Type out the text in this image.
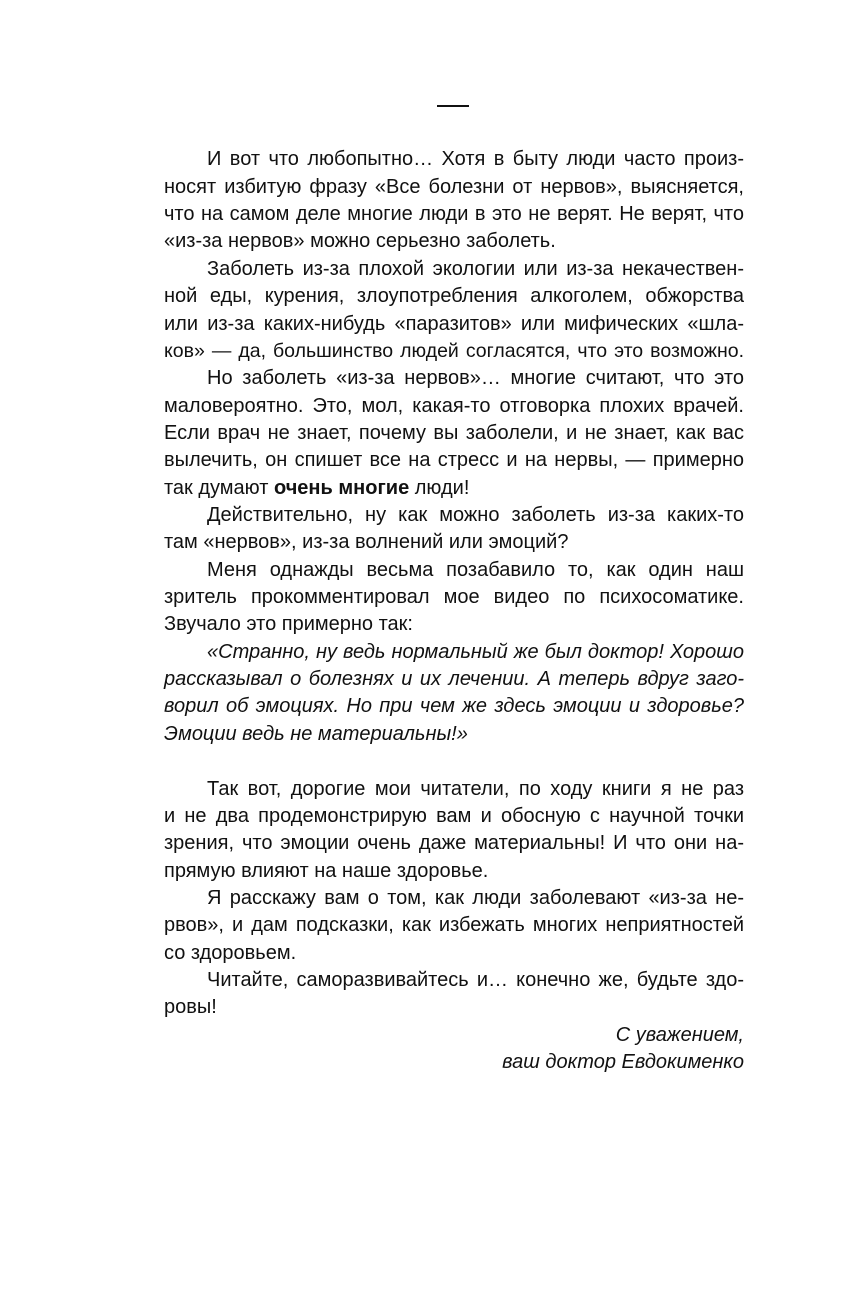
И вот что любопытно… Хотя в быту люди часто произ-
носят избитую фразу «Все болезни от нервов», выясняется,
что на самом деле многие люди в это не верят. Не верят, что
«из-за нервов» можно серьезно заболеть.
Заболеть из-за плохой экологии или из-за некачествен-
ной еды, курения, злоупотребления алкоголем, обжорства
или из-за каких-нибудь «паразитов» или мифических «шла-
ков» — да, большинство людей согласятся, что это возможно.
Но заболеть «из-за нервов»… многие считают, что это
маловероятно. Это, мол, какая-то отговорка плохих врачей.
Если врач не знает, почему вы заболели, и не знает, как вас
вылечить, он спишет все на стресс и на нервы, — примерно
так думают очень многие люди!
Действительно, ну как можно заболеть из-за каких-то
там «нервов», из-за волнений или эмоций?
Меня однажды весьма позабавило то, как один наш
зритель прокомментировал мое видео по психосоматике.
Звучало это примерно так:
«Странно, ну ведь нормальный же был доктор! Хорошо
рассказывал о болезнях и их лечении. А теперь вдруг заго-
ворил об эмоциях. Но при чем же здесь эмоции и здоровье?
Эмоции ведь не материальны!»
Так вот, дорогие мои читатели, по ходу книги я не раз
и не два продемонстрирую вам и обосную с научной точки
зрения, что эмоции очень даже материальны! И что они на-
прямую влияют на наше здоровье.
Я расскажу вам о том, как люди заболевают «из-за не-
рвов», и дам подсказки, как избежать многих неприятностей
со здоровьем.
Читайте, саморазвивайтесь и… конечно же, будьте здо-
ровы!
С уважением,
ваш доктор Евдокименко
